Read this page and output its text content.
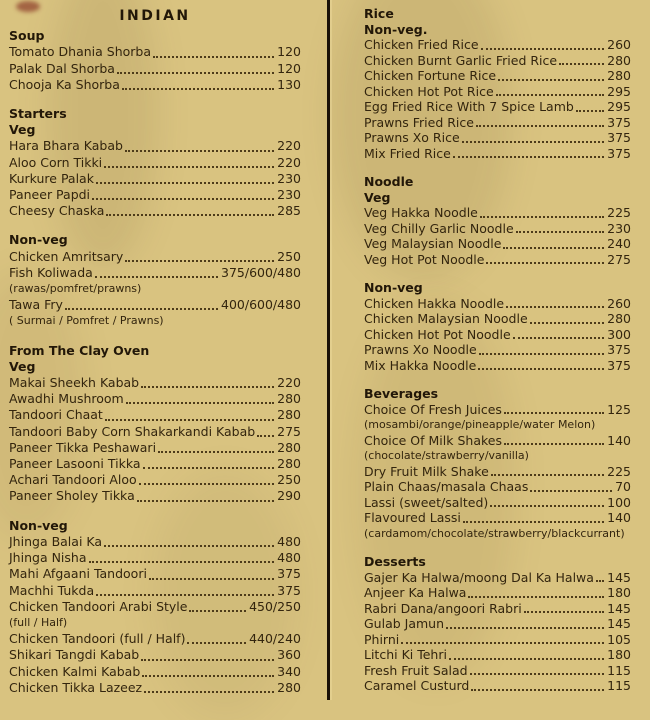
INDIAN
Soup
Tomato Dhania Shorba	120
Palak Dal Shorba	120
Chooja Ka Shorba	130
Starters
Veg
Hara Bhara Kabab	220
Aloo Corn Tikki	220
Kurkure Palak	230
Paneer Papdi	230
Cheesy Chaska	285
Non-veg
Chicken Amritsary	250
Fish Koliwada	375/600/480
(rawas/pomfret/prawns)
Tawa Fry	400/600/480
( Surmai / Pomfret / Prawns)
From The Clay Oven
Veg
Makai Sheekh Kabab	220
Awadhi Mushroom	280
Tandoori Chaat	280
Tandoori Baby Corn Shakarkandi Kabab 275
Paneer Tikka Peshawari	280
Paneer Lasooni Tikka	280
Achari Tandoori Aloo	250
Paneer Sholey Tikka	290
Non-veg
Jhinga Balai Ka	480
Jhinga Nisha	480
Mahi Afgaani Tandoori	375
Machhi Tukda	375
Chicken Tandoori Arabi Style	450/250
(full / Half)
Chicken Tandoori (full / Half)	440/240
Shikari Tangdi Kabab	360
Chicken Kalmi Kabab	340
Chicken Tikka Lazeez	280
Rice
Non-veg.
Chicken Fried Rice	260
Chicken Burnt Garlic Fried Rice	280
Chicken Fortune Rice	280
Chicken Hot Pot Rice	295
Egg Fried Rice With 7 Spice Lamb	295
Prawns Fried Rice	375
Prawns Xo Rice	375
Mix Fried Rice	375
Noodle
Veg
Veg Hakka Noodle	225
Veg Chilly Garlic Noodle	230
Veg Malaysian Noodle	240
Veg Hot Pot Noodle	275
Non-veg
Chicken Hakka Noodle	260
Chicken Malaysian Noodle	280
Chicken Hot Pot Noodle	300
Prawns Xo Noodle	375
Mix Hakka Noodle	375
Beverages
Choice Of Fresh Juices	125
(mosambi/orange/pineapple/water Melon)
Choice Of Milk Shakes	140
(chocolate/strawberry/vanilla)
Dry Fruit Milk Shake	225
Plain Chaas/masala Chaas	70
Lassi (sweet/salted)	100
Flavoured Lassi	140
(cardamom/chocolate/strawberry/blackcurrant)
Desserts
Gajer Ka Halwa/moong Dal Ka Halwa 145
Anjeer Ka Halwa	180
Rabri Dana/angoori Rabri	145
Gulab Jamun	145
Phirni	105
Litchi Ki Tehri	180
Fresh Fruit Salad	115
Caramel Custurd	115
